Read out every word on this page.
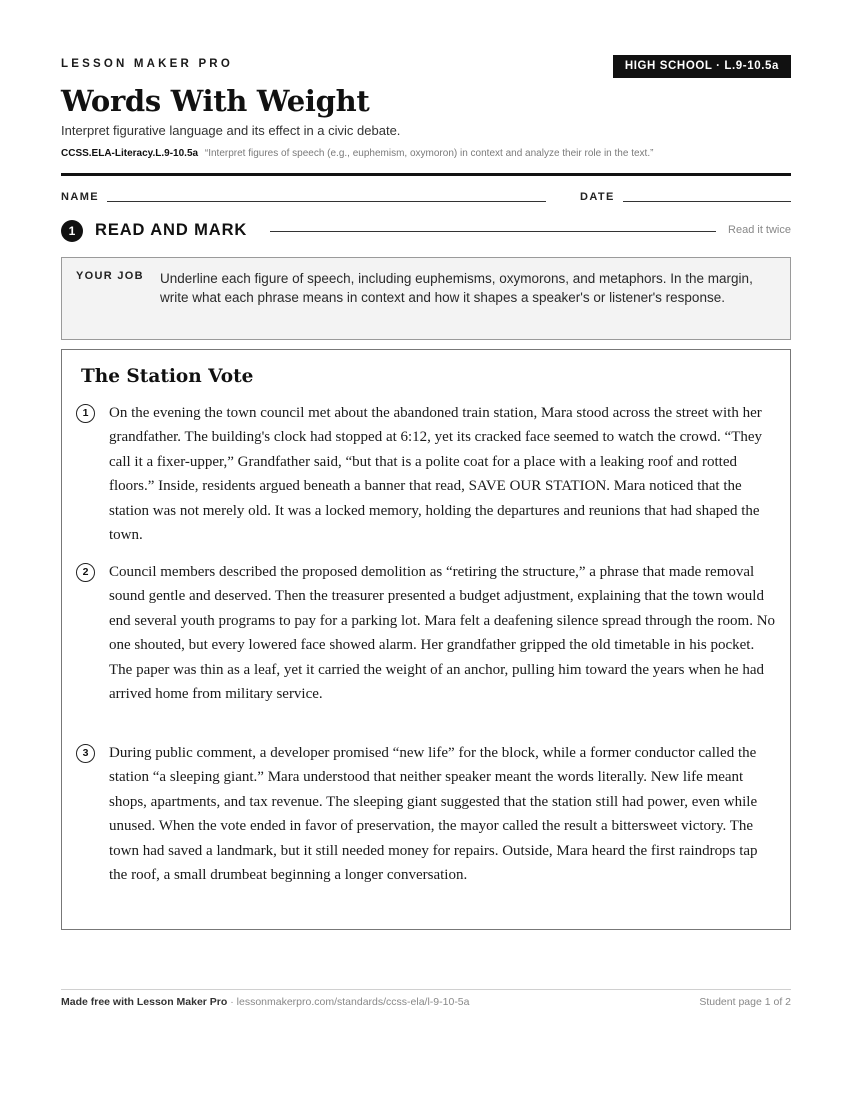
LESSON MAKER PRO	HIGH SCHOOL · L.9-10.5a
Words With Weight
Interpret figurative language and its effect in a civic debate.
CCSS.ELA-Literacy.L.9-10.5a “Interpret figures of speech (e.g., euphemism, oxymoron) in context and analyze their role in the text.”
NAME	DATE
1	READ AND MARK	Read it twice
YOUR JOB Underline each figure of speech, including euphemisms, oxymorons, and metaphors. In the margin, write what each phrase means in context and how it shapes a speaker's or listener's response.
The Station Vote
1	On the evening the town council met about the abandoned train station, Mara stood across the street with her grandfather. The building's clock had stopped at 6:12, yet its cracked face seemed to watch the crowd. “They call it a fixer-upper,” Grandfather said, “but that is a polite coat for a place with a leaking roof and rotted floors.” Inside, residents argued beneath a banner that read, SAVE OUR STATION. Mara noticed that the station was not merely old. It was a locked memory, holding the departures and reunions that had shaped the town.

2	Council members described the proposed demolition as “retiring the structure,” a phrase that made removal sound gentle and deserved. Then the treasurer presented a budget adjustment, explaining that the town would end several youth programs to pay for a parking lot. Mara felt a deafening silence spread through the room. No one shouted, but every lowered face showed alarm. Her grandfather gripped the old timetable in his pocket. The paper was thin as a leaf, yet it carried the weight of an anchor, pulling him toward the years when he had arrived home from military service.

3	During public comment, a developer promised “new life” for the block, while a former conductor called the station “a sleeping giant.” Mara understood that neither speaker meant the words literally. New life meant shops, apartments, and tax revenue. The sleeping giant suggested that the station still had power, even while unused. When the vote ended in favor of preservation, the mayor called the result a bittersweet victory. The town had saved a landmark, but it still needed money for repairs. Outside, Mara heard the first raindrops tap the roof, a small drumbeat beginning a longer conversation.

Made free with Lesson Maker Pro · lessonmakerpro.com/standards/ccss-ela/l-9-10-5a	Student page 1 of 2
